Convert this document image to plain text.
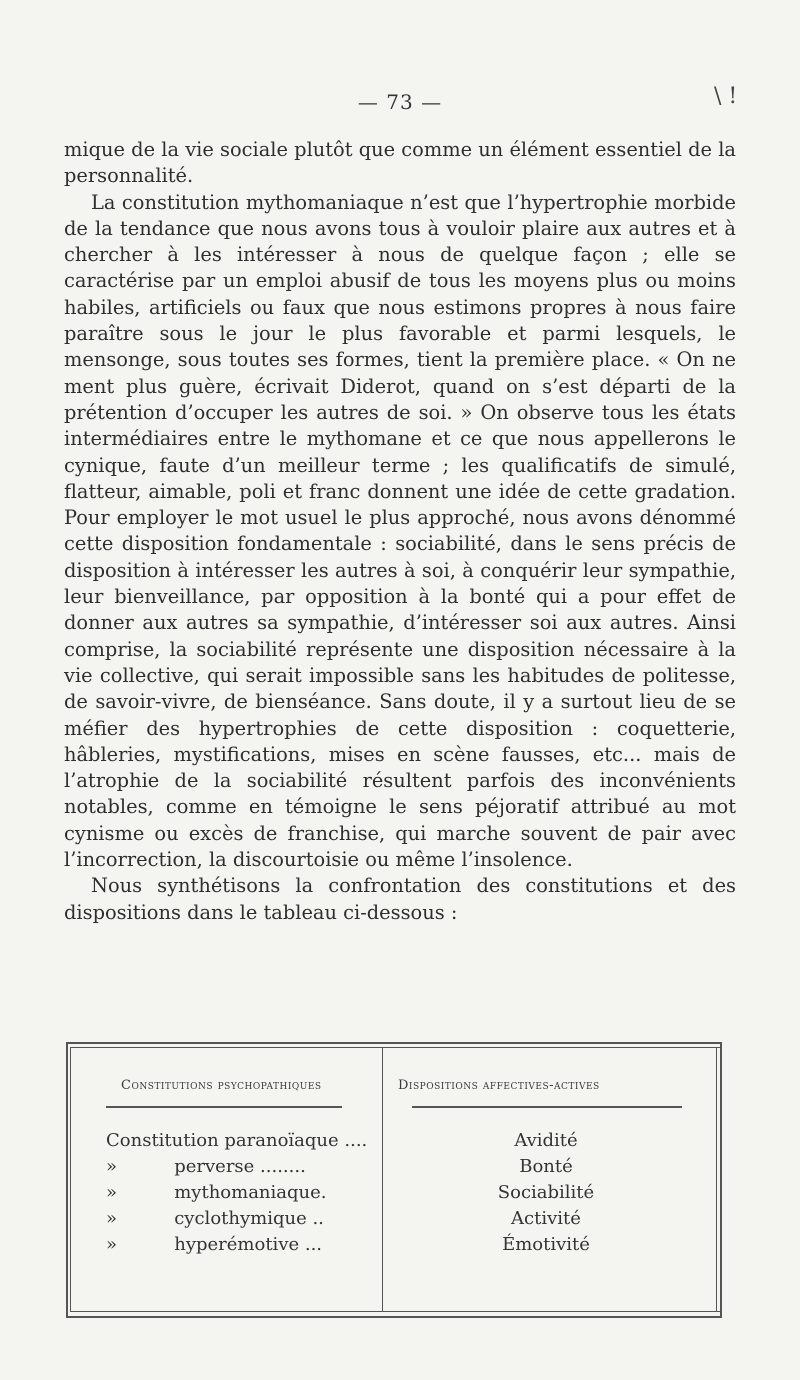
— 73 —	\ !

mique de la vie sociale plutôt que comme un élément essentiel de la personnalité.

La constitution mythomaniaque n’est que l’hypertrophie morbide de la tendance que nous avons tous à vouloir plaire aux autres et à chercher à les intéresser à nous de quelque façon ; elle se caractérise par un emploi abusif de tous les moyens plus ou moins habiles, artificiels ou faux que nous estimons propres à nous faire paraître sous le jour le plus favorable et parmi lesquels, le mensonge, sous toutes ses formes, tient la première place. « On ne ment plus guère, écrivait Diderot, quand on s’est départi de la prétention d’occuper les autres de soi. » On observe tous les états intermédiaires entre le mythomane et ce que nous appellerons le cynique, faute d’un meilleur terme ; les qualificatifs de simulé, flatteur, aimable, poli et franc donnent une idée de cette gradation. Pour employer le mot usuel le plus approché, nous avons dénommé cette disposition fondamentale : sociabilité, dans le sens précis de disposition à intéresser les autres à soi, à conquérir leur sympathie, leur bienveillance, par opposition à la bonté qui a pour effet de donner aux autres sa sympathie, d’intéresser soi aux autres. Ainsi comprise, la sociabilité représente une disposition nécessaire à la vie collective, qui serait impossible sans les habitudes de politesse, de savoir-vivre, de bienséance. Sans doute, il y a surtout lieu de se méfier des hypertrophies de cette disposition : coquetterie, hâbleries, mystifications, mises en scène fausses, etc... mais de l’atrophie de la sociabilité résultent parfois des inconvénients notables, comme en témoigne le sens péjoratif attribué au mot cynisme ou excès de franchise, qui marche souvent de pair avec l’incorrection, la discourtoisie ou même l’insolence.

Nous synthétisons la confrontation des constitutions et des dispositions dans le tableau ci-dessous :

Constitutions psychopathiques	Dispositions affectives-actives
Constitution paranoïaque ....	Avidité
»          perverse ........	Bonté
»          mythomaniaque.	Sociabilité
»          cyclothymique ..	Activité
»          hyperémotive ...	Émotivité
